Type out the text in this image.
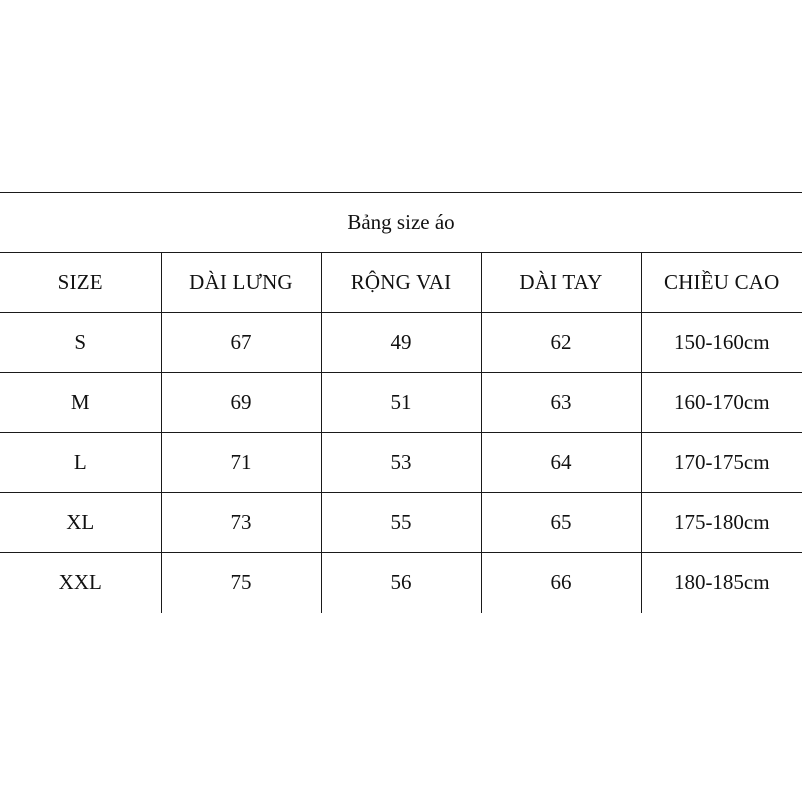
Bảng size áo				
SIZE	DÀI LƯNG	RỘNG VAI	DÀI TAY	CHIỀU CAO
S	67	49	62	150-160cm
M	69	51	63	160-170cm
L	71	53	64	170-175cm
XL	73	55	65	175-180cm
XXL	75	56	66	180-185cm
